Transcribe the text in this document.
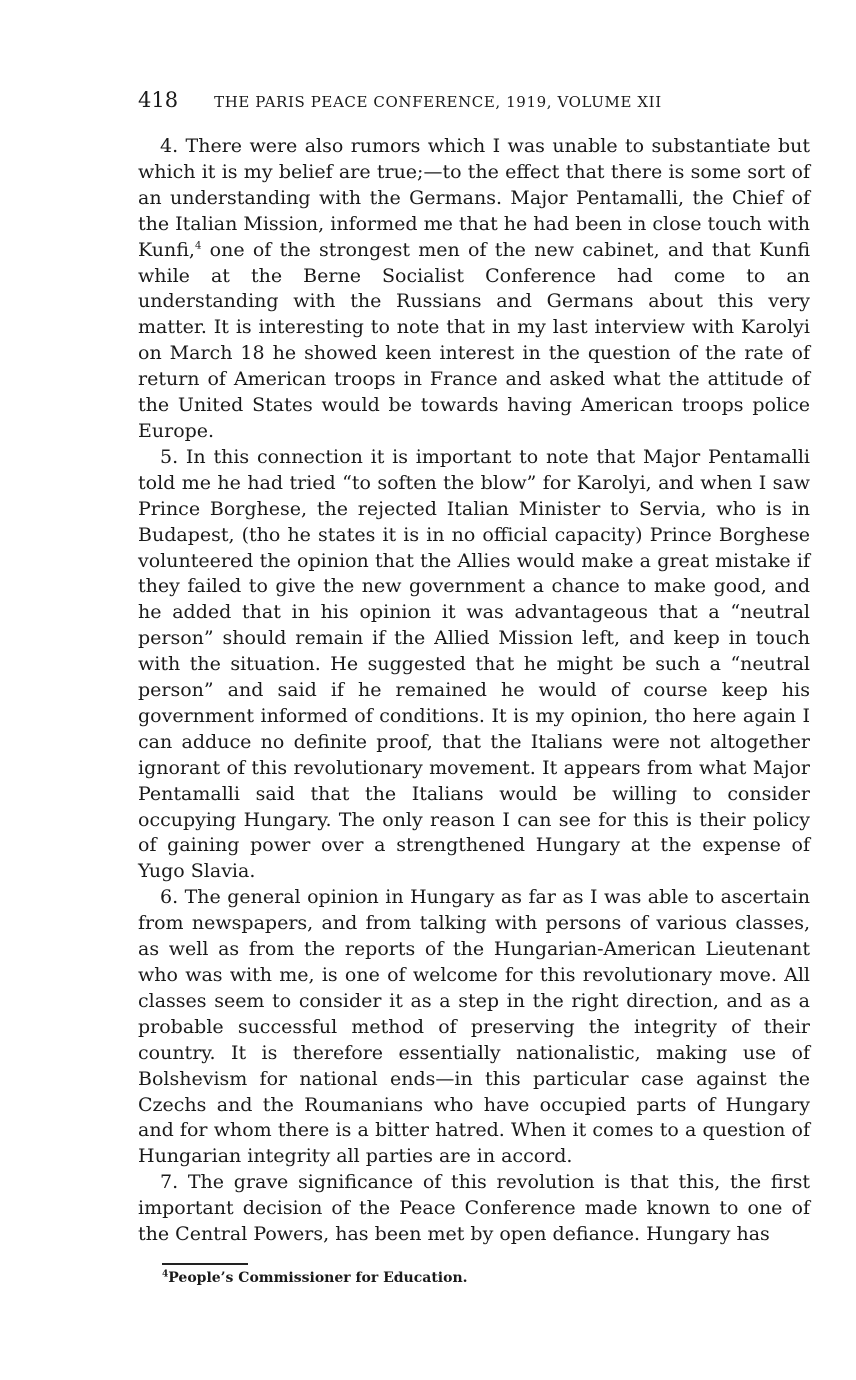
418 THE PARIS PEACE CONFERENCE, 1919, VOLUME XII

4. There were also rumors which I was unable to substantiate but which it is my belief are true;—to the effect that there is some sort of an understanding with the Germans. Major Pentamalli, the Chief of the Italian Mission, informed me that he had been in close touch with Kunfi,$^4$ one of the strongest men of the new cabinet, and that Kunfi while at the Berne Socialist Conference had come to an understanding with the Russians and Germans about this very matter. It is interesting to note that in my last interview with Karolyi on March 18 he showed keen interest in the question of the rate of return of American troops in France and asked what the attitude of the United States would be towards having American troops police Europe.

5. In this connection it is important to note that Major Pentamalli told me he had tried “to soften the blow” for Karolyi, and when I saw Prince Borghese, the rejected Italian Minister to Servia, who is in Budapest, (tho he states it is in no official capacity) Prince Borghese volunteered the opinion that the Allies would make a great mistake if they failed to give the new government a chance to make good, and he added that in his opinion it was advantageous that a “neutral person” should remain if the Allied Mission left, and keep in touch with the situation. He suggested that he might be such a “neutral person” and said if he remained he would of course keep his government informed of conditions. It is my opinion, tho here again I can adduce no definite proof, that the Italians were not altogether ignorant of this revolutionary movement. It appears from what Major Pentamalli said that the Italians would be willing to consider occupying Hungary. The only reason I can see for this is their policy of gaining power over a strengthened Hungary at the expense of Yugo Slavia.

6. The general opinion in Hungary as far as I was able to ascertain from newspapers, and from talking with persons of various classes, as well as from the reports of the Hungarian-American Lieutenant who was with me, is one of welcome for this revolutionary move. All classes seem to consider it as a step in the right direction, and as a probable successful method of preserving the integrity of their country. It is therefore essentially nationalistic, making use of Bolshevism for national ends—in this particular case against the Czechs and the Roumanians who have occupied parts of Hungary and for whom there is a bitter hatred. When it comes to a question of Hungarian integrity all parties are in accord.

7. The grave significance of this revolution is that this, the first important decision of the Peace Conference made known to one of the Central Powers, has been met by open defiance. Hungary has

$^4$People’s Commissioner for Education.
